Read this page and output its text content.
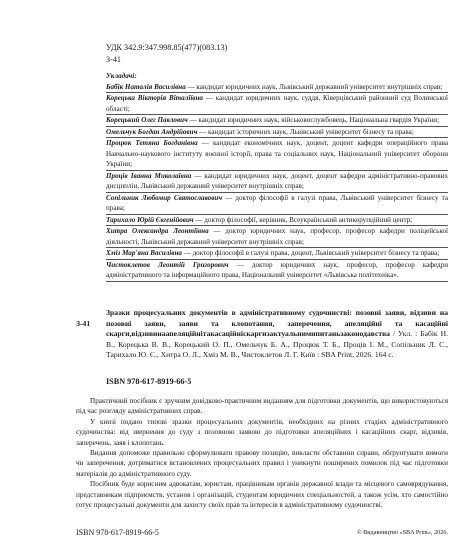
УДК 342.9:347.998.85(477)(083.13)
З-41
Укладачі:
Бабік Наталія Василівна — кандидат юридичних наук, Львівський державний університет внутрішніх справ;
Корецька Вікторія Віталіївна — кандидат юридичних наук, суддя, Ківерцівський районний суд Волинської області;
Корецький Олег Павлович — кандидат юридичних наук, військовослужбовець, Національна гвардія України;
Омельчук Богдан Андрійович — кандидат історичних наук, Львівський університет бізнесу та права;
Процюк Тетяна Богданівна — кандидат економічних наук, доцент, доцент кафедри операційного права Навчально-наукового інституту воєнної історії, права та соціальних наук, Національний університет оборони України;
Проців Іванна Миколаївна — кандидат юридичних наук, доцент, доцент кафедри адміністративно-правових дисциплін, Львівський державний університет внутрішніх справ;
Сопільник Любомир Святославович — доктор філософії в галузі права, Львівський університет бізнесу та права;
Тарихало Юрій Євгенійович — доктор філософії, керівник, Всеукраїнський антикорупційний центр;
Хитра Олександра Леонтіївна — доктор юридичних наук, професор, професор кафедри поліцейської діяльності, Львівський державний університет внутрішніх справ;
Хміз Мар'яна Василівна — доктор філософії в галузі права, доцент, Львівський університет бізнесу та права;
Чистоклетов Леонтій Григорович — доктор юридичних наук, професор, професор кафедри адміністративного та інформаційного права, Національний університет «Львівська політехніка».
З-41
Зразки процесуальних документів в адміністративному судочинстві: позовні заяви, відзиви на позовні заяви, заяви та клопотання, заперечення, апеляційні та касаційні скарги,відзивинаапеляційнітакасаційніскаргизактуальнимипитаньзаконодавства / Укл. : Бабік Н. В., Корецька В. В., Корецький О. П., Омельчук Б. А., Процюк Т. Б., Проців І. М., Сопільник Л. С., Тарихало Ю. Є., Хитра О. Л., Хміз М. В., Чистоклетов Л. Г. Київ : SBA Print, 2026. 164 с.
ISBN 978-617-8919-66-5

Практичний посібник є зручним довідково-практичним виданням для підготовки документів, що використовуються під час розгляду адміністративних справ.

У книзі подано типові зразки процесуальних документів, необхідних на різних стадіях адміністративного судочинства: від звернення до суду з позовною заявою до підготовки апеляційних і касаційних скарг, відзивів, заперечень, заяв і клопотань.

Видання допоможе правильно сформулювати правову позицію, викласти обставини справи, обґрунтувати вимоги чи заперечення, дотриматися встановлених процесуальних правил і уникнути поширених помилок під час підготовки матеріалів до адміністративного суду.

Посібник буде корисним адвокатам, юристам, працівникам органів державної влади та місцевого самоврядування, представникам підприємств, установ і організацій, студентам юридичних спеціальностей, а також усім, хто самостійно готує процесуальні документи для захисту своїх прав та інтересів в адміністративному судочинстві.

ISBN 978-617-8919-66-5	© Видавництво «SBA Print», 2026.
